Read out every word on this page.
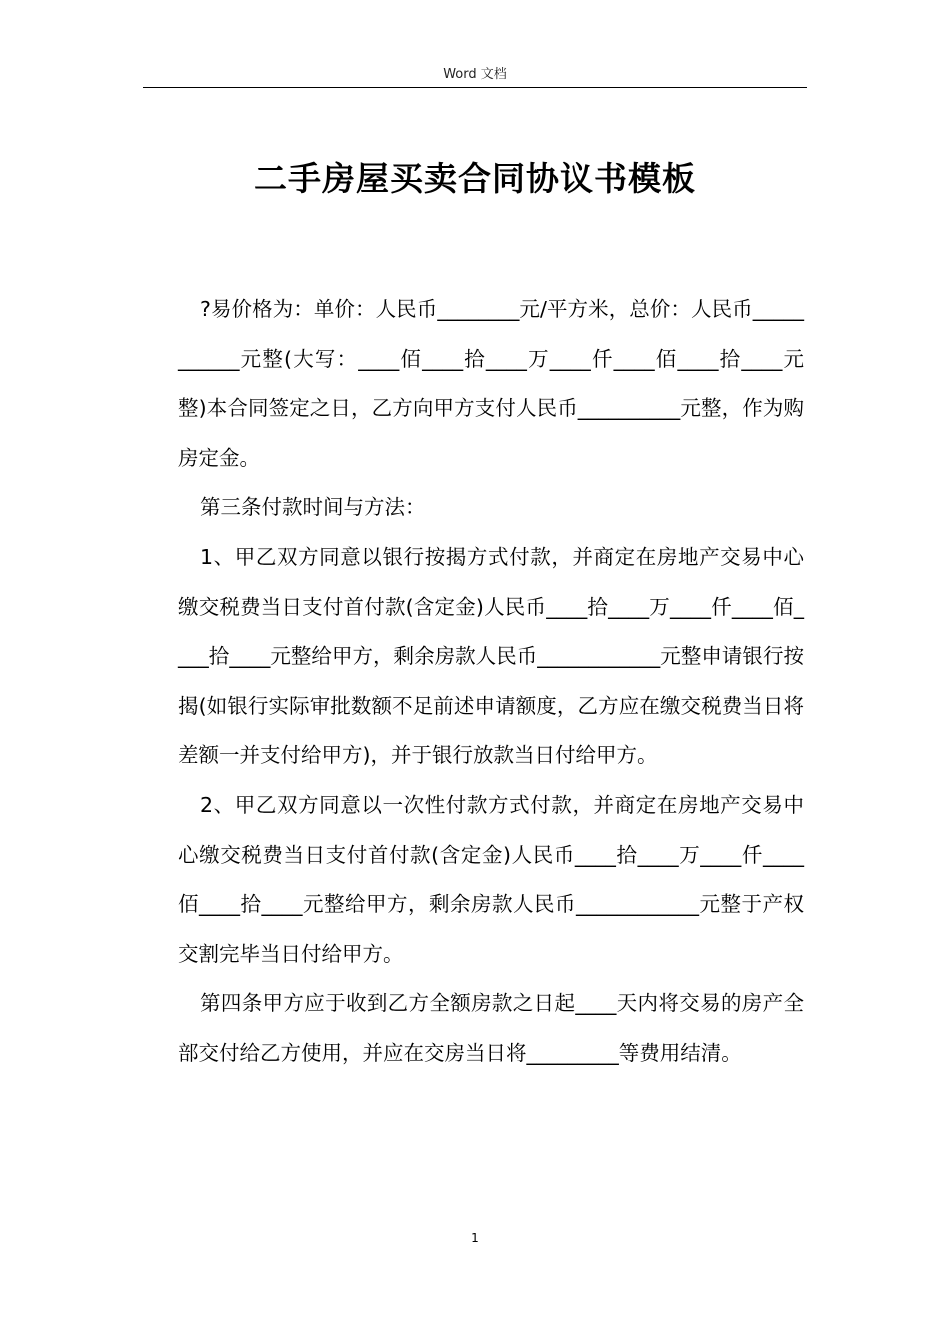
Word 文档
二手房屋买卖合同协议书模板

?易价格为：单价：人民币________元/平方米，总价：人民币___________元整(大写：____佰____拾____万____仟____佰____拾____元整)本合同签定之日，乙方向甲方支付人民币__________元整，作为购房定金。

第三条付款时间与方法：

1、甲乙双方同意以银行按揭方式付款，并商定在房地产交易中心缴交税费当日支付首付款(含定金)人民币____拾____万____仟____佰____拾____元整给甲方，剩余房款人民币____________元整申请银行按揭(如银行实际审批数额不足前述申请额度，乙方应在缴交税费当日将差额一并支付给甲方)，并于银行放款当日付给甲方。

2、甲乙双方同意以一次性付款方式付款，并商定在房地产交易中心缴交税费当日支付首付款(含定金)人民币____拾____万____仟____佰____拾____元整给甲方，剩余房款人民币____________元整于产权交割完毕当日付给甲方。

第四条甲方应于收到乙方全额房款之日起____天内将交易的房产全部交付给乙方使用，并应在交房当日将_________等费用结清。

1
